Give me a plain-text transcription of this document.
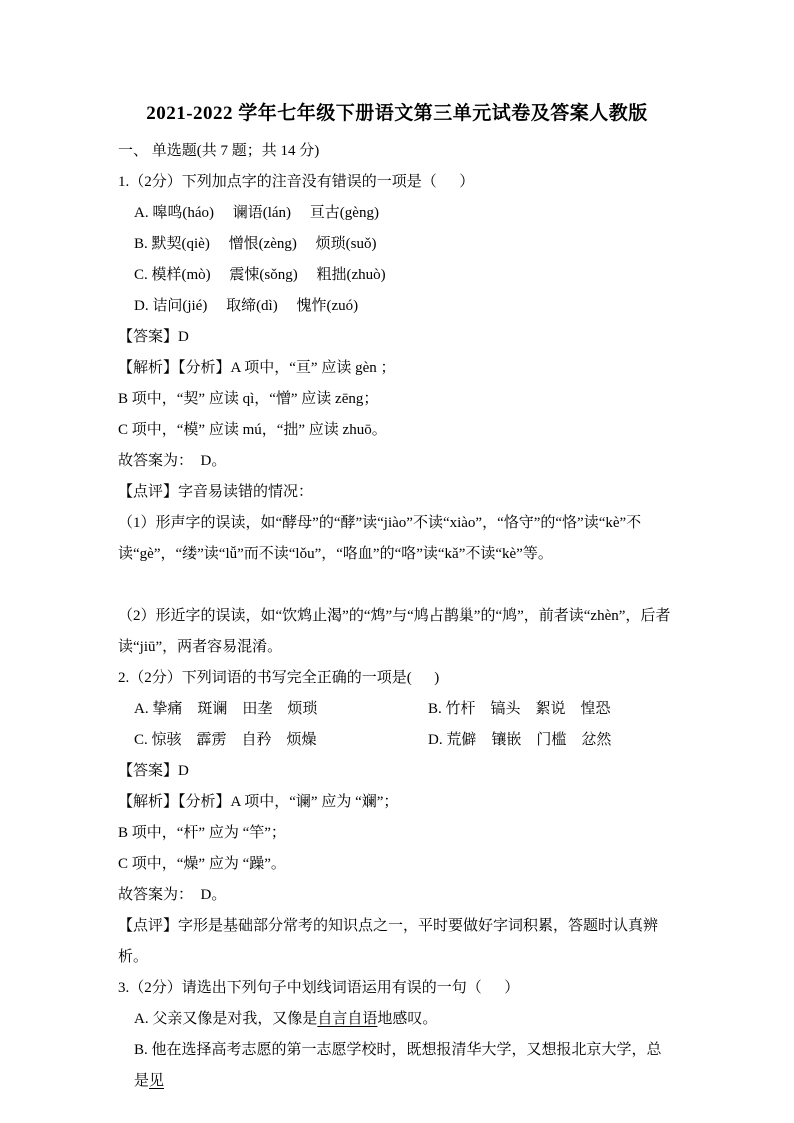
2021-2022 学年七年级下册语文第三单元试卷及答案人教版
一、 单选题(共 7 题；共 14 分)
1.（2分）下列加点字的注音没有错误的一项是（      ）
A. 嗥鸣(háo)　 谰语(lán)　 亘古(gèng)
B. 默契(qiè)　 憎恨(zèng)　 烦琐(suǒ)
C. 模样(mò)　 震悚(sǒng)　 粗拙(zhuò)
D. 诘问(jié)　 取缔(dì)　 愧怍(zuó)
【答案】D
【解析】【分析】A 项中，“亘” 应读 gèn ；
B 项中，“契” 应读 qì，“憎” 应读 zēng；
C 项中，“模” 应读 mú，“拙” 应读 zhuō。
故答案为：  D。
【点评】字音易读错的情况：
（1）形声字的误读，如“酵母”的“酵”读“jiào”不读“xiào”，“恪守”的“恪”读“kè”不读“gè”，“缕”读“lǚ”而不读“lǒu”，“咯血”的“咯”读“kǎ”不读“kè”等。
（2）形近字的误读，如“饮鸩止渴”的“鸩”与“鸠占鹊巢”的“鸠”，前者读“zhèn”，后者读“jiū”，两者容易混淆。
2.（2分）下列词语的书写完全正确的一项是(      )
A. 挚痛　斑谰　田垄　烦琐	B. 竹杆　镐头　絮说　惶恐
C. 惊骇　霹雳　自矜　烦燥	D. 荒僻　镶嵌　门槛　忿然
【答案】D
【解析】【分析】A 项中，“谰” 应为 “斓”；
B 项中，“杆” 应为 “竿”；
C 项中，“燥” 应为 “躁”。
故答案为：  D。
【点评】字形是基础部分常考的知识点之一，平时要做好字词积累，答题时认真辨析。
3.（2分）请选出下列句子中划线词语运用有误的一句（      ）
A. 父亲又像是对我，又像是自言自语地感叹。
B. 他在选择高考志愿的第一志愿学校时，既想报清华大学，又想报北京大学，总是见
